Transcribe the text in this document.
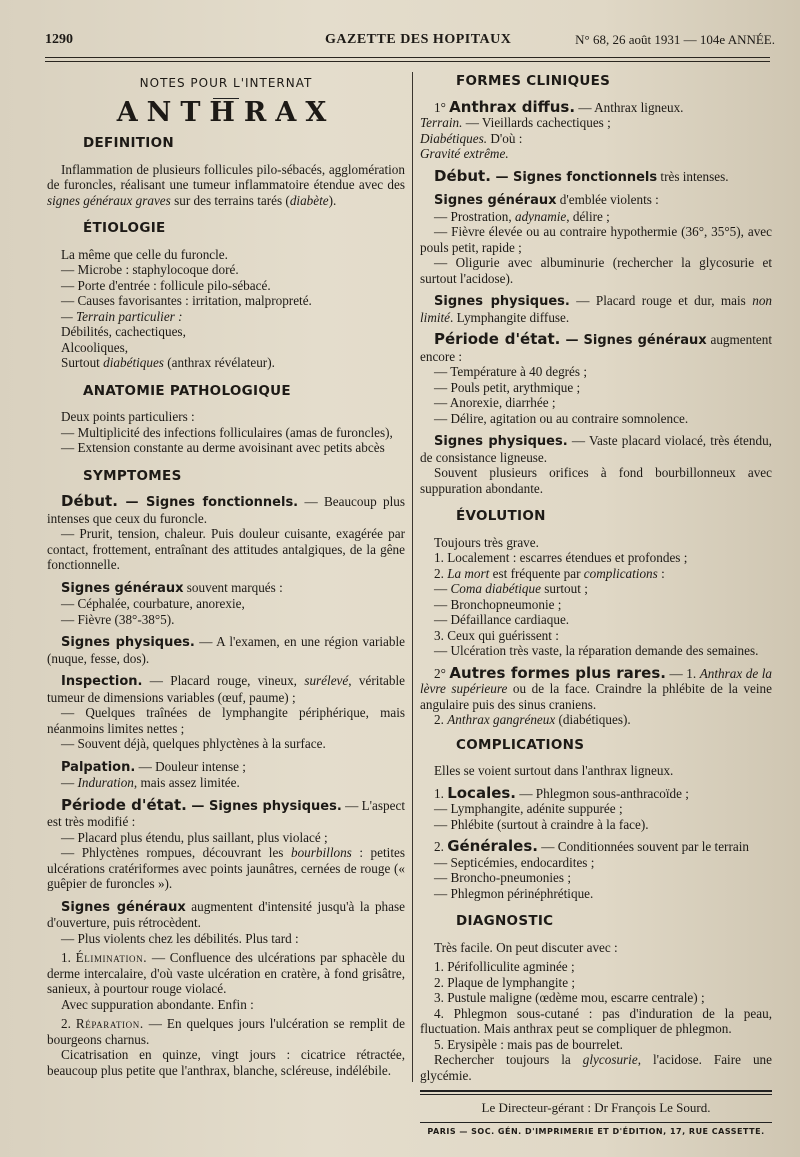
1290	GAZETTE DES HOPITAUX	N° 68, 26 août 1931 — 104e ANNÉE.

NOTES POUR L'INTERNAT

ANTHRAX

DEFINITION

Inflammation de plusieurs follicules pilo-sébacés, agglomération de furoncles, réalisant une tumeur inflammatoire étendue avec des signes généraux graves sur des terrains tarés (diabète).

ÉTIOLOGIE

La même que celle du furoncle.

— Microbe : staphylocoque doré.

— Porte d'entrée : follicule pilo-sébacé.

— Causes favorisantes : irritation, malpropreté.

— Terrain particulier :

Débilités, cachectiques,

Alcooliques,

Surtout diabétiques (anthrax révélateur).

ANATOMIE PATHOLOGIQUE

Deux points particuliers :

— Multiplicité des infections folliculaires (amas de furoncles),

— Extension constante au derme avoisinant avec petits abcès

SYMPTOMES

Début. — Signes fonctionnels. — Beaucoup plus intenses que ceux du furoncle.

— Prurit, tension, chaleur. Puis douleur cuisante, exagérée par contact, frottement, entraînant des attitudes antalgiques, de la gêne fonctionnelle.

Signes généraux souvent marqués :

— Céphalée, courbature, anorexie,

— Fièvre (38°-38°5).

Signes physiques. — A l'examen, en une région variable (nuque, fesse, dos).

Inspection. — Placard rouge, vineux, surélevé, véritable tumeur de dimensions variables (œuf, paume) ;

— Quelques traînées de lymphangite périphérique, mais néanmoins limites nettes ;

— Souvent déjà, quelques phlyctènes à la surface.

Palpation. — Douleur intense ;

— Induration, mais assez limitée.

Période d'état. — Signes physiques. — L'aspect est très modifié :

— Placard plus étendu, plus saillant, plus violacé ;

— Phlyctènes rompues, découvrant les bourbillons : petites ulcérations cratériformes avec points jaunâtres, cernées de rouge (« guêpier de furoncles »).

Signes généraux augmentent d'intensité jusqu'à la phase d'ouverture, puis rétrocèdent.

— Plus violents chez les débilités. Plus tard :

1. Élimination. — Confluence des ulcérations par sphacèle du derme intercalaire, d'où vaste ulcération en cratère, à fond grisâtre, sanieux, à pourtour rouge violacé.

Avec suppuration abondante. Enfin :

2. Réparation. — En quelques jours l'ulcération se remplit de bourgeons charnus.

Cicatrisation en quinze, vingt jours : cicatrice rétractée, beaucoup plus petite que l'anthrax, blanche, scléreuse, indélébile.

FORMES CLINIQUES

1° Anthrax diffus. — Anthrax ligneux.

Terrain. — Vieillards cachectiques ;

Diabétiques. D'où :

Gravité extrême.

Début. — Signes fonctionnels très intenses.

Signes généraux d'emblée violents :

— Prostration, adynamie, délire ;

— Fièvre élevée ou au contraire hypothermie (36°, 35°5), avec pouls petit, rapide ;

— Oligurie avec albuminurie (rechercher la glycosurie et surtout l'acidose).

Signes physiques. — Placard rouge et dur, mais non limité. Lymphangite diffuse.

Période d'état. — Signes généraux augmentent encore :

— Température à 40 degrés ;

— Pouls petit, arythmique ;

— Anorexie, diarrhée ;

— Délire, agitation ou au contraire somnolence.

Signes physiques. — Vaste placard violacé, très étendu, de consistance ligneuse.

Souvent plusieurs orifices à fond bourbillonneux avec suppuration abondante.

ÉVOLUTION

Toujours très grave.

1. Localement : escarres étendues et profondes ;

2. La mort est fréquente par complications :

— Coma diabétique surtout ;

— Bronchopneumonie ;

— Défaillance cardiaque.

3. Ceux qui guérissent :

— Ulcération très vaste, la réparation demande des semaines.

2° Autres formes plus rares. — 1. Anthrax de la lèvre supérieure ou de la face. Craindre la phlébite de la veine angulaire puis des sinus craniens.

2. Anthrax gangréneux (diabétiques).

COMPLICATIONS

Elles se voient surtout dans l'anthrax ligneux.

1. Locales. — Phlegmon sous-anthracoïde ;

— Lymphangite, adénite suppurée ;

— Phlébite (surtout à craindre à la face).

2. Générales. — Conditionnées souvent par le terrain

— Septicémies, endocardites ;

— Broncho-pneumonies ;

— Phlegmon périnéphrétique.

DIAGNOSTIC

Très facile. On peut discuter avec :

1. Périfolliculite agminée ;

2. Plaque de lymphangite ;

3. Pustule maligne (œdème mou, escarre centrale) ;

4. Phlegmon sous-cutané : pas d'induration de la peau, fluctuation. Mais anthrax peut se compliquer de phlegmon.

5. Erysipèle : mais pas de bourrelet.

Rechercher toujours la glycosurie, l'acidose. Faire une glycémie.

Le Directeur-gérant : Dr François Le Sourd.
PARIS — SOC. GÉN. D'IMPRIMERIE ET D'ÉDITION, 17, RUE CASSETTE.
